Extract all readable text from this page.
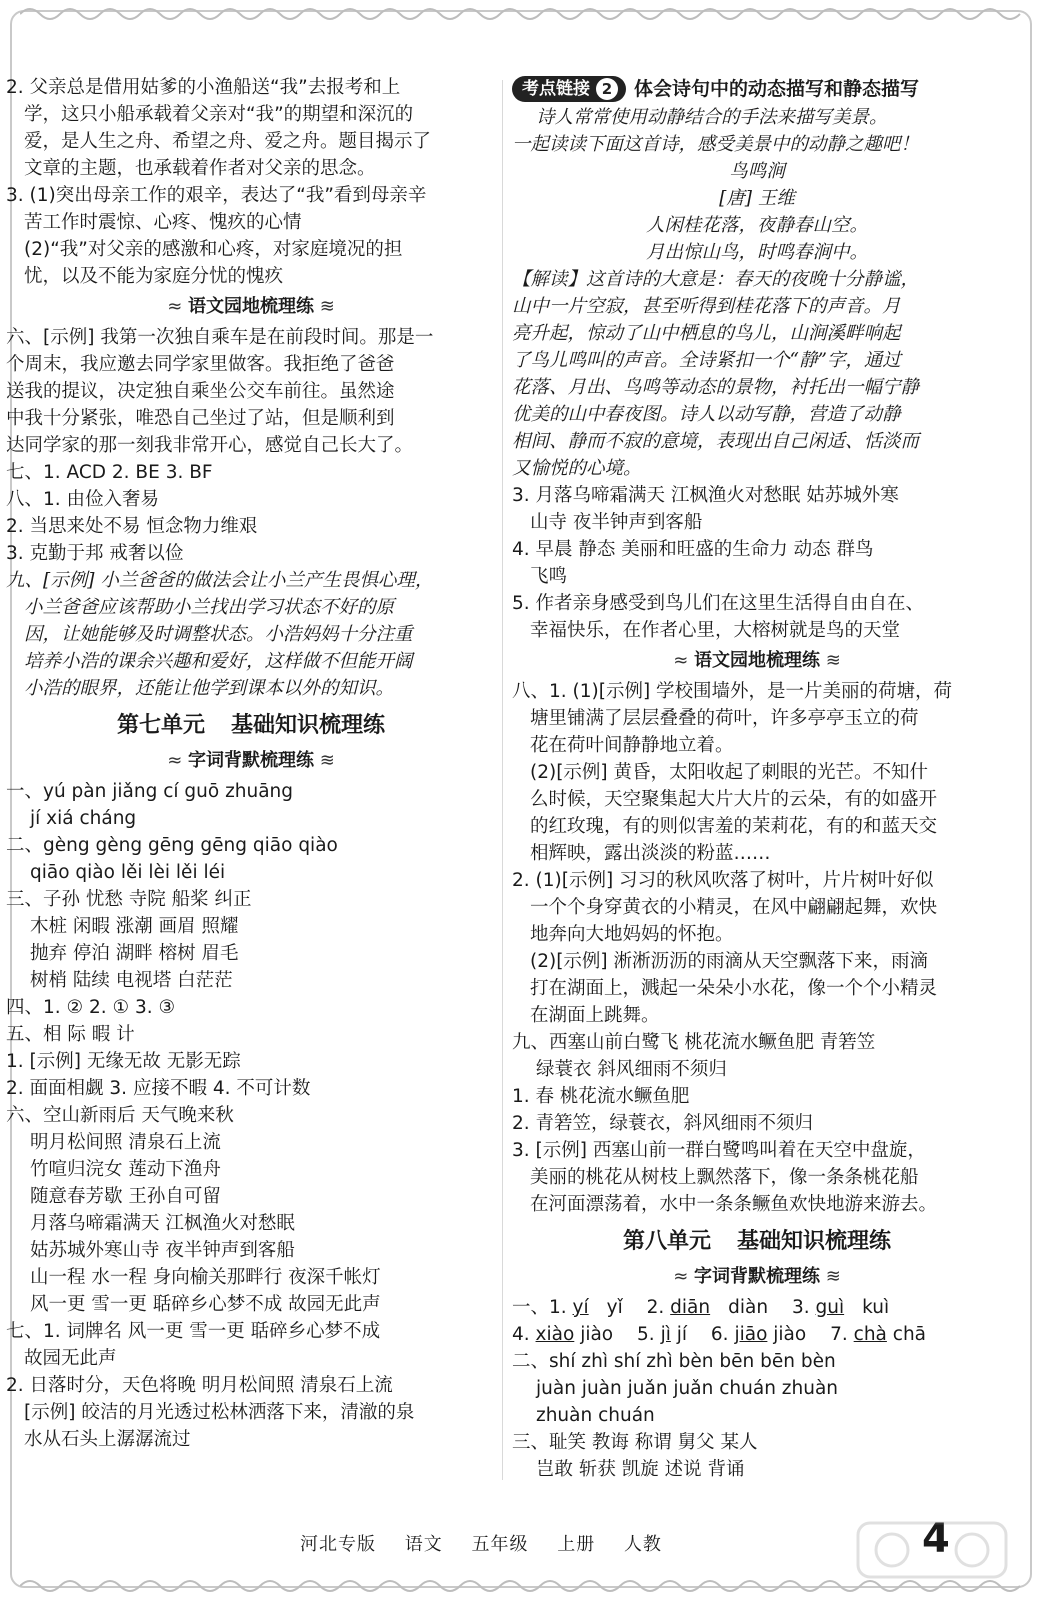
2. 父亲总是借用姑爹的小渔船送“我”去报考和上

学，这只小船承载着父亲对“我”的期望和深沉的

爱，是人生之舟、希望之舟、爱之舟。题目揭示了

文章的主题，也承载着作者对父亲的思念。

3. (1)突出母亲工作的艰辛，表达了“我”看到母亲辛

苦工作时震惊、心疼、愧疚的心情

(2)“我”对父亲的感激和心疼，对家庭境况的担

忧，以及不能为家庭分忧的愧疚

≈ 语文园地梳理练 ≋

六、[示例] 我第一次独自乘车是在前段时间。那是一

个周末，我应邀去同学家里做客。我拒绝了爸爸

送我的提议，决定独自乘坐公交车前往。虽然途

中我十分紧张，唯恐自己坐过了站，但是顺利到

达同学家的那一刻我非常开心，感觉自己长大了。

七、1. ACD 2. BE 3. BF

八、1. 由俭入奢易

2. 当思来处不易 恒念物力维艰

3. 克勤于邦 戒奢以俭

九、[示例] 小兰爸爸的做法会让小兰产生畏惧心理，

小兰爸爸应该帮助小兰找出学习状态不好的原

因，让她能够及时调整状态。小浩妈妈十分注重

培养小浩的课余兴趣和爱好，这样做不但能开阔

小浩的眼界，还能让他学到课本以外的知识。

第七单元 基础知识梳理练
≈ 字词背默梳理练 ≋

一、yú pàn jiǎng cí guō zhuāng

jí xiá cháng

二、gèng gèng gēng gēng qiāo qiào

qiāo qiào lěi lèi lěi léi

三、子孙 忧愁 寺院 船桨 纠正

木桩 闲暇 涨潮 画眉 照耀

抛弃 停泊 湖畔 榕树 眉毛

树梢 陆续 电视塔 白茫茫

四、1. ② 2. ① 3. ③

五、相 际 暇 计

1. [示例] 无缘无故 无影无踪

2. 面面相觑 3. 应接不暇 4. 不可计数

六、空山新雨后 天气晚来秋

明月松间照 清泉石上流

竹喧归浣女 莲动下渔舟

随意春芳歇 王孙自可留

月落乌啼霜满天 江枫渔火对愁眠

姑苏城外寒山寺 夜半钟声到客船

山一程 水一程 身向榆关那畔行 夜深千帐灯

风一更 雪一更 聒碎乡心梦不成 故园无此声

七、1. 词牌名 风一更 雪一更 聒碎乡心梦不成

故园无此声

2. 日落时分，天色将晚 明月松间照 清泉石上流

[示例] 皎洁的月光透过松林洒落下来，清澈的泉

水从石头上潺潺流过

考点链接 2	体会诗句中的动态描写和静态描写

诗人常常使用动静结合的手法来描写美景。

一起读读下面这首诗，感受美景中的动静之趣吧！

鸟鸣涧

[唐] 王维

人闲桂花落，夜静春山空。

月出惊山鸟，时鸣春涧中。

【解读】这首诗的大意是：春天的夜晚十分静谧，

山中一片空寂，甚至听得到桂花落下的声音。月

亮升起，惊动了山中栖息的鸟儿，山涧溪畔响起

了鸟儿鸣叫的声音。全诗紧扣一个“静”字，通过

花落、月出、鸟鸣等动态的景物，衬托出一幅宁静

优美的山中春夜图。诗人以动写静，营造了动静

相间、静而不寂的意境，表现出自己闲适、恬淡而

又愉悦的心境。

3. 月落乌啼霜满天 江枫渔火对愁眠 姑苏城外寒

山寺 夜半钟声到客船

4. 早晨 静态 美丽和旺盛的生命力 动态 群鸟

飞鸣

5. 作者亲身感受到鸟儿们在这里生活得自由自在、

幸福快乐，在作者心里，大榕树就是鸟的天堂

≈ 语文园地梳理练 ≋

八、1. (1)[示例] 学校围墙外，是一片美丽的荷塘，荷

塘里铺满了层层叠叠的荷叶，许多亭亭玉立的荷

花在荷叶间静静地立着。

(2)[示例] 黄昏，太阳收起了刺眼的光芒。不知什

么时候，天空聚集起大片大片的云朵，有的如盛开

的红玫瑰，有的则似害羞的茉莉花，有的和蓝天交

相辉映，露出淡淡的粉蓝……

2. (1)[示例] 习习的秋风吹落了树叶，片片树叶好似

一个个身穿黄衣的小精灵，在风中翩翩起舞，欢快

地奔向大地妈妈的怀抱。

(2)[示例] 淅淅沥沥的雨滴从天空飘落下来，雨滴

打在湖面上，溅起一朵朵小水花，像一个个小精灵

在湖面上跳舞。

九、西塞山前白鹭飞 桃花流水鳜鱼肥 青箬笠

绿蓑衣 斜风细雨不须归

1. 春 桃花流水鳜鱼肥

2. 青箬笠，绿蓑衣，斜风细雨不须归

3. [示例] 西塞山前一群白鹭鸣叫着在天空中盘旋，

美丽的桃花从树枝上飘然落下，像一条条桃花船

在河面漂荡着，水中一条条鳜鱼欢快地游来游去。

第八单元 基础知识梳理练
≈ 字词背默梳理练 ≋

一、1. yí yǐ 2. diān diàn 3. guì kuì

4. xiào jiào 5. jì jí 6. jiāo jiào 7. chà chā

二、shí zhì shí zhì bèn bēn bēn bèn

juàn juàn juǎn juǎn chuán zhuàn

zhuàn chuán

三、耻笑 教诲 称谓 舅父 某人

岂敢 斩获 凯旋 述说 背诵

河北专版 语文 五年级 上册 人教	4
